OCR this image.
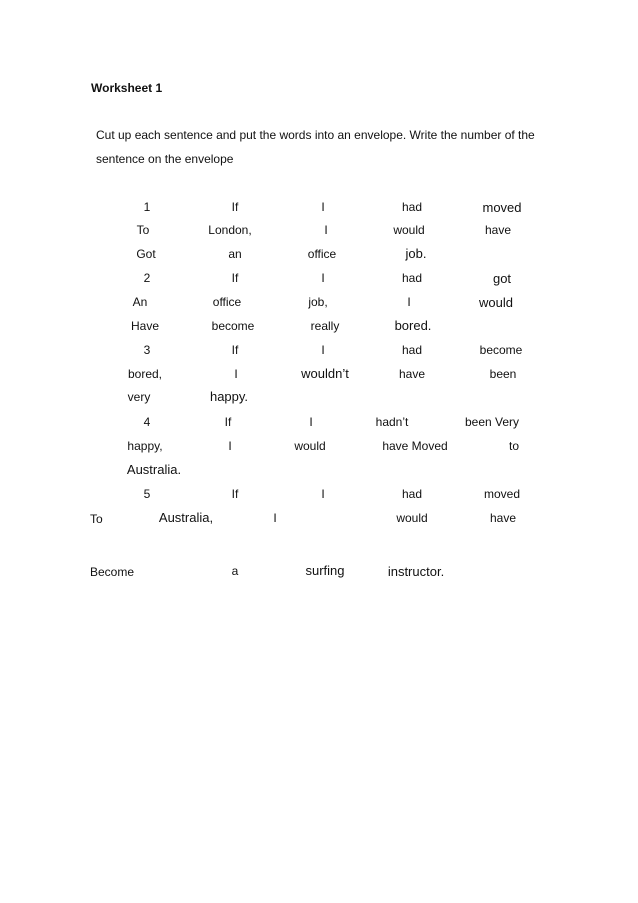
Worksheet 1
Cut up each sentence and put the words into an envelope. Write the number of the
sentence on the envelope
1	If	I	had	moved
To	London,	I	would	have
Got	an	office	job.
2	If	I	had	got
An	office	job,	I	would
Have	become	really	bored.
3	If	I	had	become
bored,	I	wouldn’t	have	been
very	happy.
4	If	I	hadn’t	been Very
happy,	I	would	have Moved	to
Australia.
5	If	I	had	moved
To	Australia,	I	would	have
Become	a	surfing	instructor.
